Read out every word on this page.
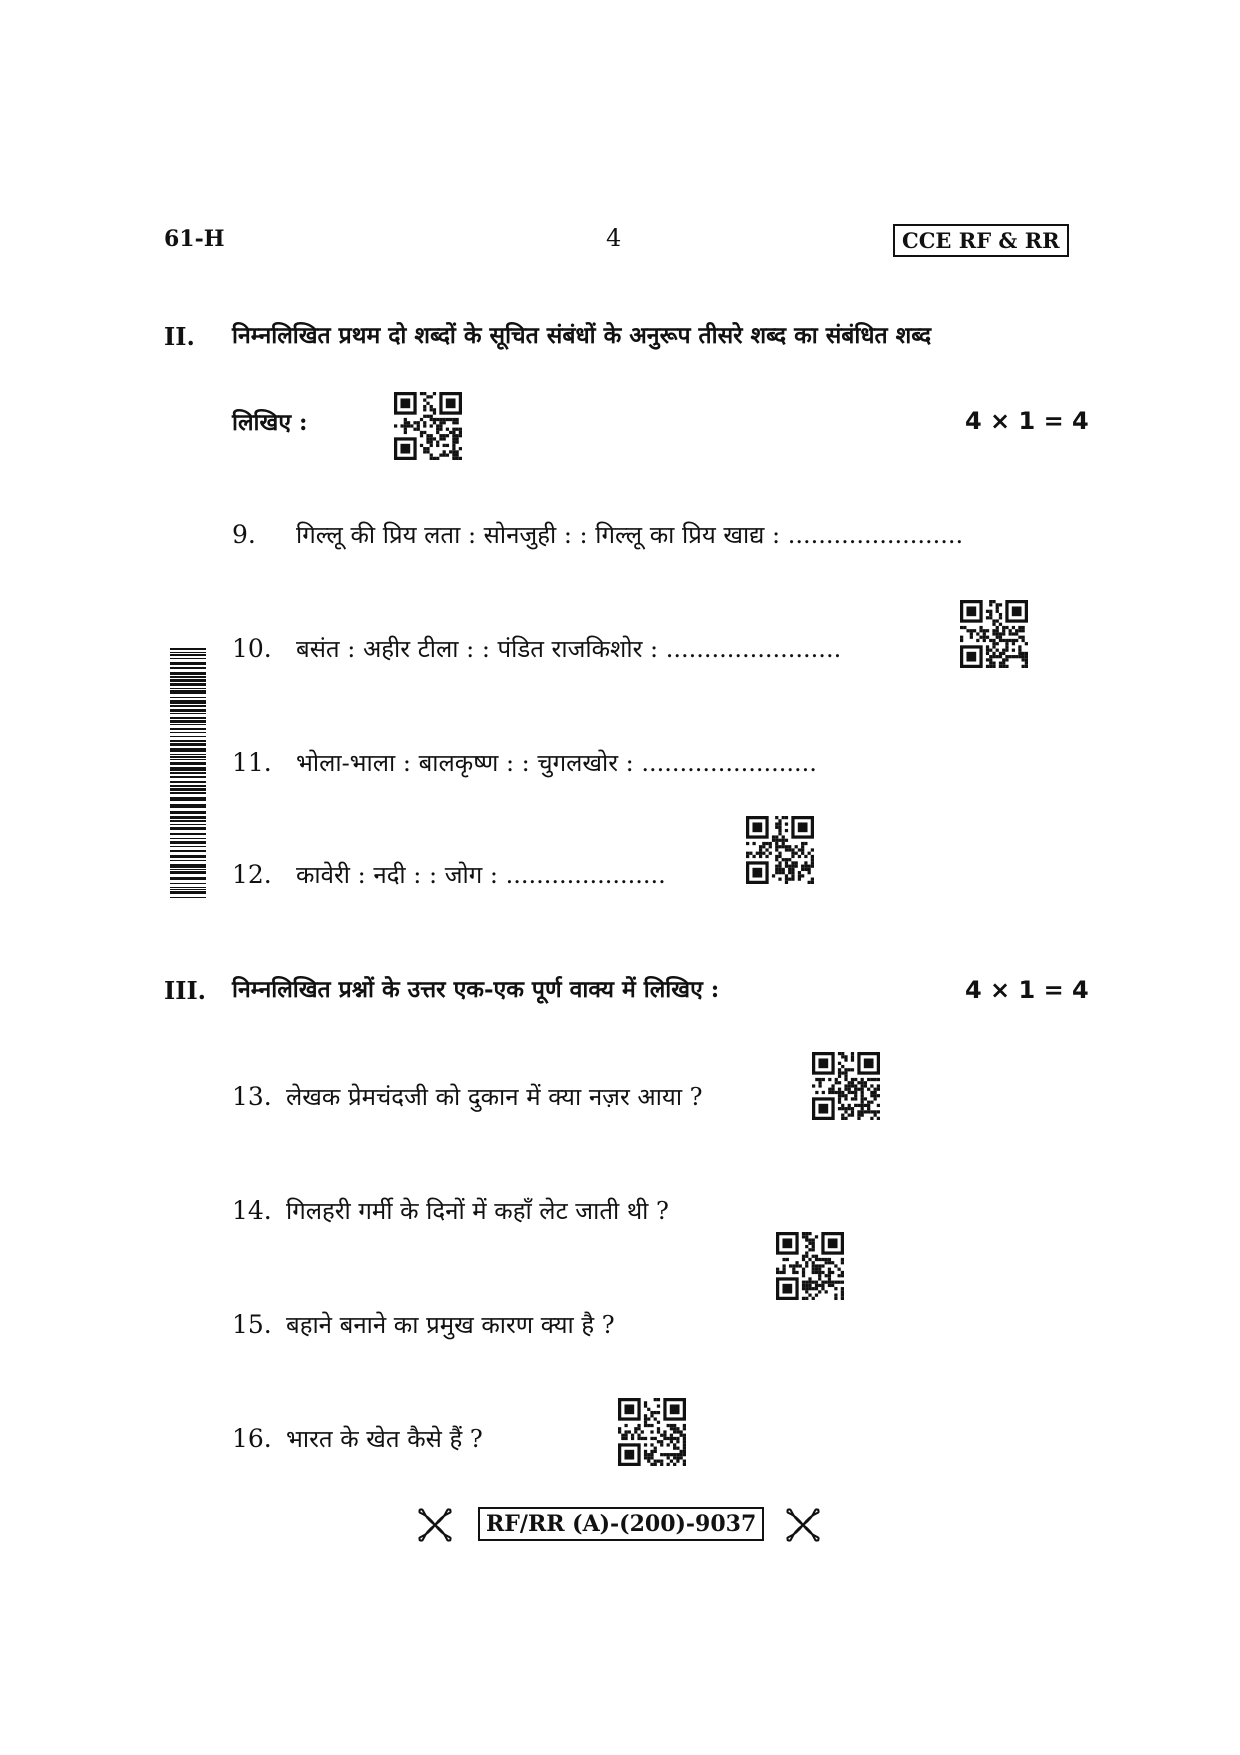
61-H	4	CCE RF & RR
II. निम्नलिखित प्रथम दो शब्दों के सूचित संबंधों के अनुरूप तीसरे शब्द का संबंधित शब्द
लिखिए :	4 × 1 = 4
9. गिल्लू की प्रिय लता : सोनजुही : : गिल्लू का प्रिय खाद्य : .......................
10. बसंत : अहीर टीला : : पंडित राजकिशोर : .......................
11. भोला-भाला : बालकृष्ण : : चुगलखोर : .......................
12. कावेरी : नदी : : जोग : .....................
III. निम्नलिखित प्रश्नों के उत्तर एक-एक पूर्ण वाक्य में लिखिए :	4 × 1 = 4
13. लेखक प्रेमचंदजी को दुकान में क्या नज़र आया ?
14. गिलहरी गर्मी के दिनों में कहाँ लेट जाती थी ?
15. बहाने बनाने का प्रमुख कारण क्या है ?
16. भारत के खेत कैसे हैं ?
RF/RR (A)-(200)-9037
